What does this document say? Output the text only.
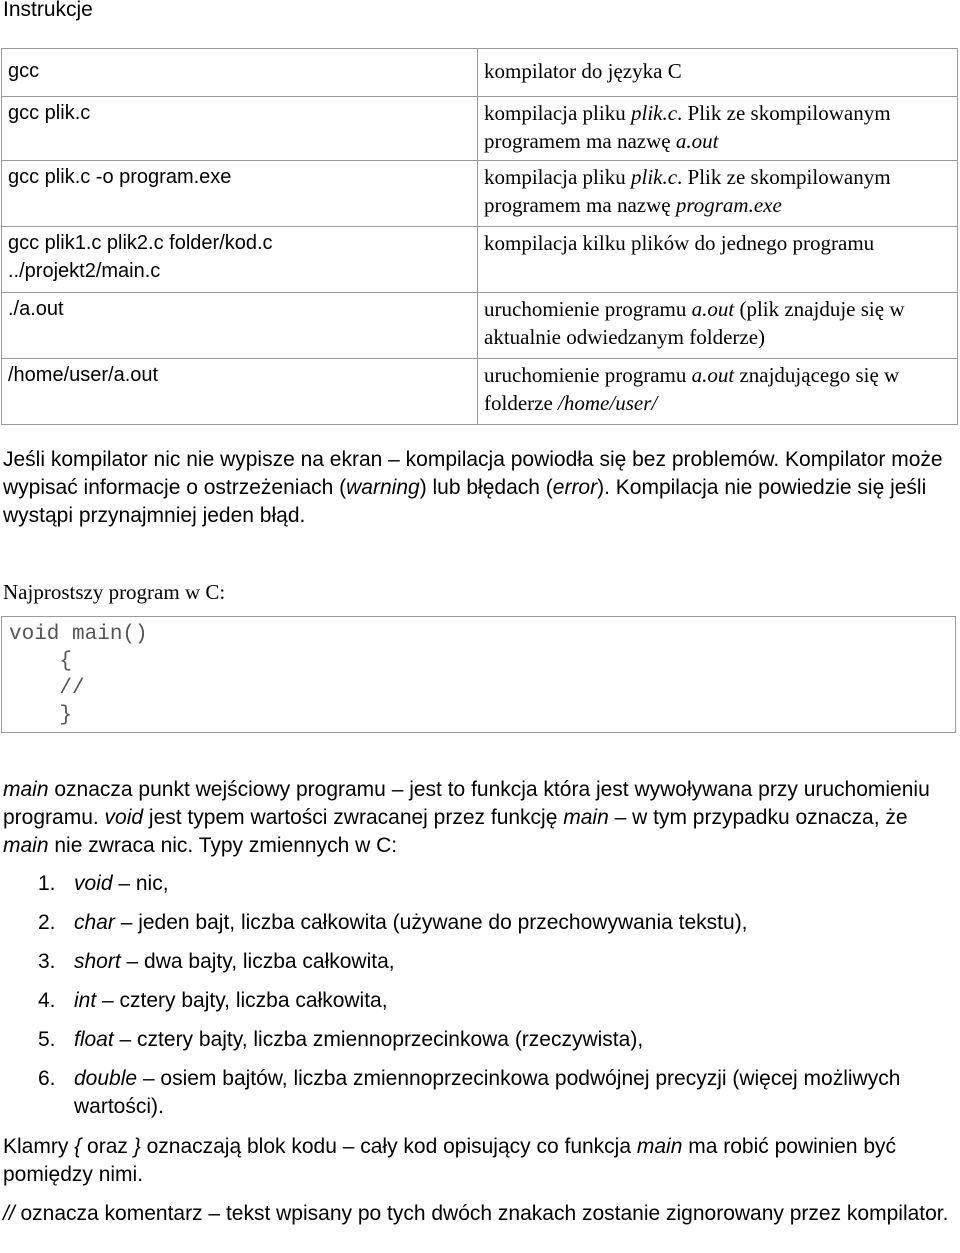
Instrukcje
gcc	kompilator do języka C

gcc plik.c	kompilacja pliku plik.c. Plik ze skompilowanym programem ma nazwę a.out

gcc plik.c -o program.exe	kompilacja pliku plik.c. Plik ze skompilowanym programem ma nazwę program.exe

gcc plik1.c plik2.c folder/kod.c
../projekt2/main.c	kompilacja kilku plików do jednego programu

./a.out	uruchomienie programu a.out (plik znajduje się w aktualnie odwiedzanym folderze)

/home/user/a.out	uruchomienie programu a.out znajdującego się w folderze /home/user/

Jeśli kompilator nic nie wypisze na ekran – kompilacja powiodła się bez problemów. Kompilator może wypisać informacje o ostrzeżeniach (warning) lub błędach (error). Kompilacja nie powiedzie się jeśli wystąpi przynajmniej jeden błąd.

Najprostszy program w C:

void main()
{
//
}

main oznacza punkt wejściowy programu – jest to funkcja która jest wywoływana przy uruchomieniu programu. void jest typem wartości zwracanej przez funkcję main – w tym przypadku oznacza, że main nie zwraca nic. Typy zmiennych w C:

1. void – nic,
2. char – jeden bajt, liczba całkowita (używane do przechowywania tekstu),
3. short – dwa bajty, liczba całkowita,
4. int – cztery bajty, liczba całkowita,
5. float – cztery bajty, liczba zmiennoprzecinkowa (rzeczywista),
6. double – osiem bajtów, liczba zmiennoprzecinkowa podwójnej precyzji (więcej możliwych wartości).

Klamry { oraz } oznaczają blok kodu – cały kod opisujący co funkcja main ma robić powinien być pomiędzy nimi.

// oznacza komentarz – tekst wpisany po tych dwóch znakach zostanie zignorowany przez kompilator.
